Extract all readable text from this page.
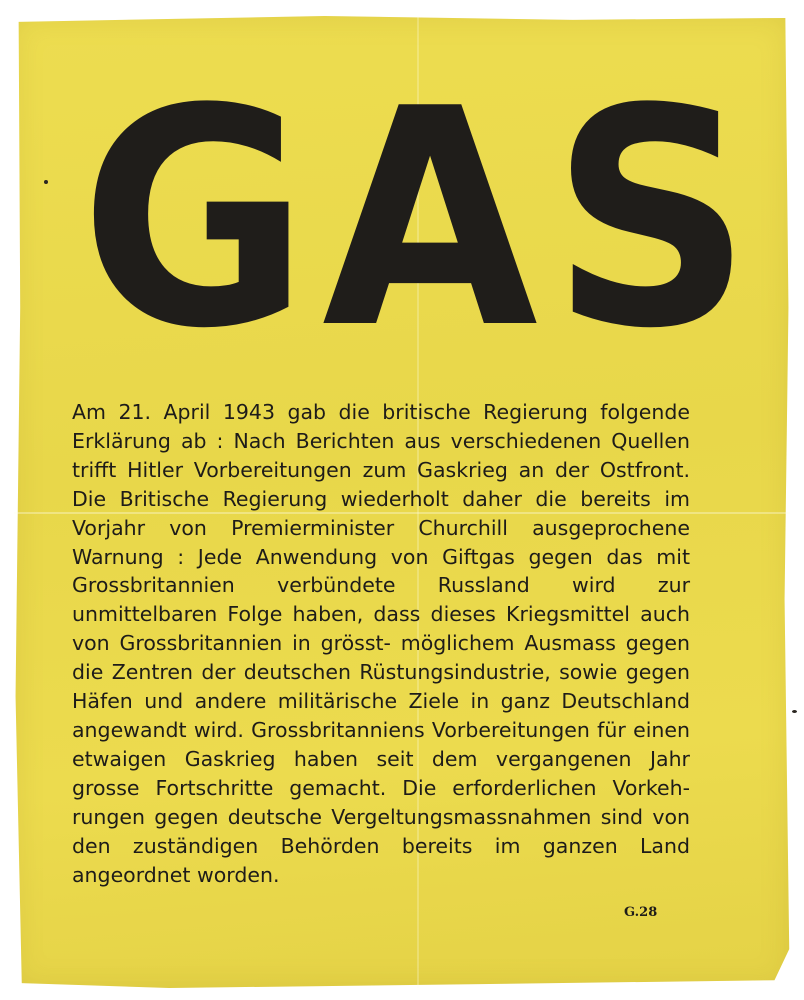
GAS

Am 21. April 1943 gab die britische Regierung folgende Erklärung ab : Nach Berichten aus verschiedenen Quellen trifft Hitler Vorbereitungen zum Gaskrieg an der Ostfront. Die Britische Regierung wiederholt daher die bereits im Vorjahr von Premierminister Churchill ausgeprochene Warnung : Jede Anwendung von Giftgas gegen das mit Grossbritannien verbündete Russland wird zur unmittelbaren Folge haben, dass dieses Kriegsmittel auch von Grossbritannien in grösst- möglichem Ausmass gegen die Zentren der deutschen Rüstungsindustrie, sowie gegen Häfen und andere militärische Ziele in ganz Deutschland angewandt wird. Grossbritanniens Vorbereitungen für einen etwaigen Gaskrieg haben seit dem vergangenen Jahr grosse Fortschritte gemacht. Die erforderlichen Vorkeh- rungen gegen deutsche Vergeltungsmassnahmen sind von den zuständigen Behörden bereits im ganzen Land angeordnet worden.

G.28
